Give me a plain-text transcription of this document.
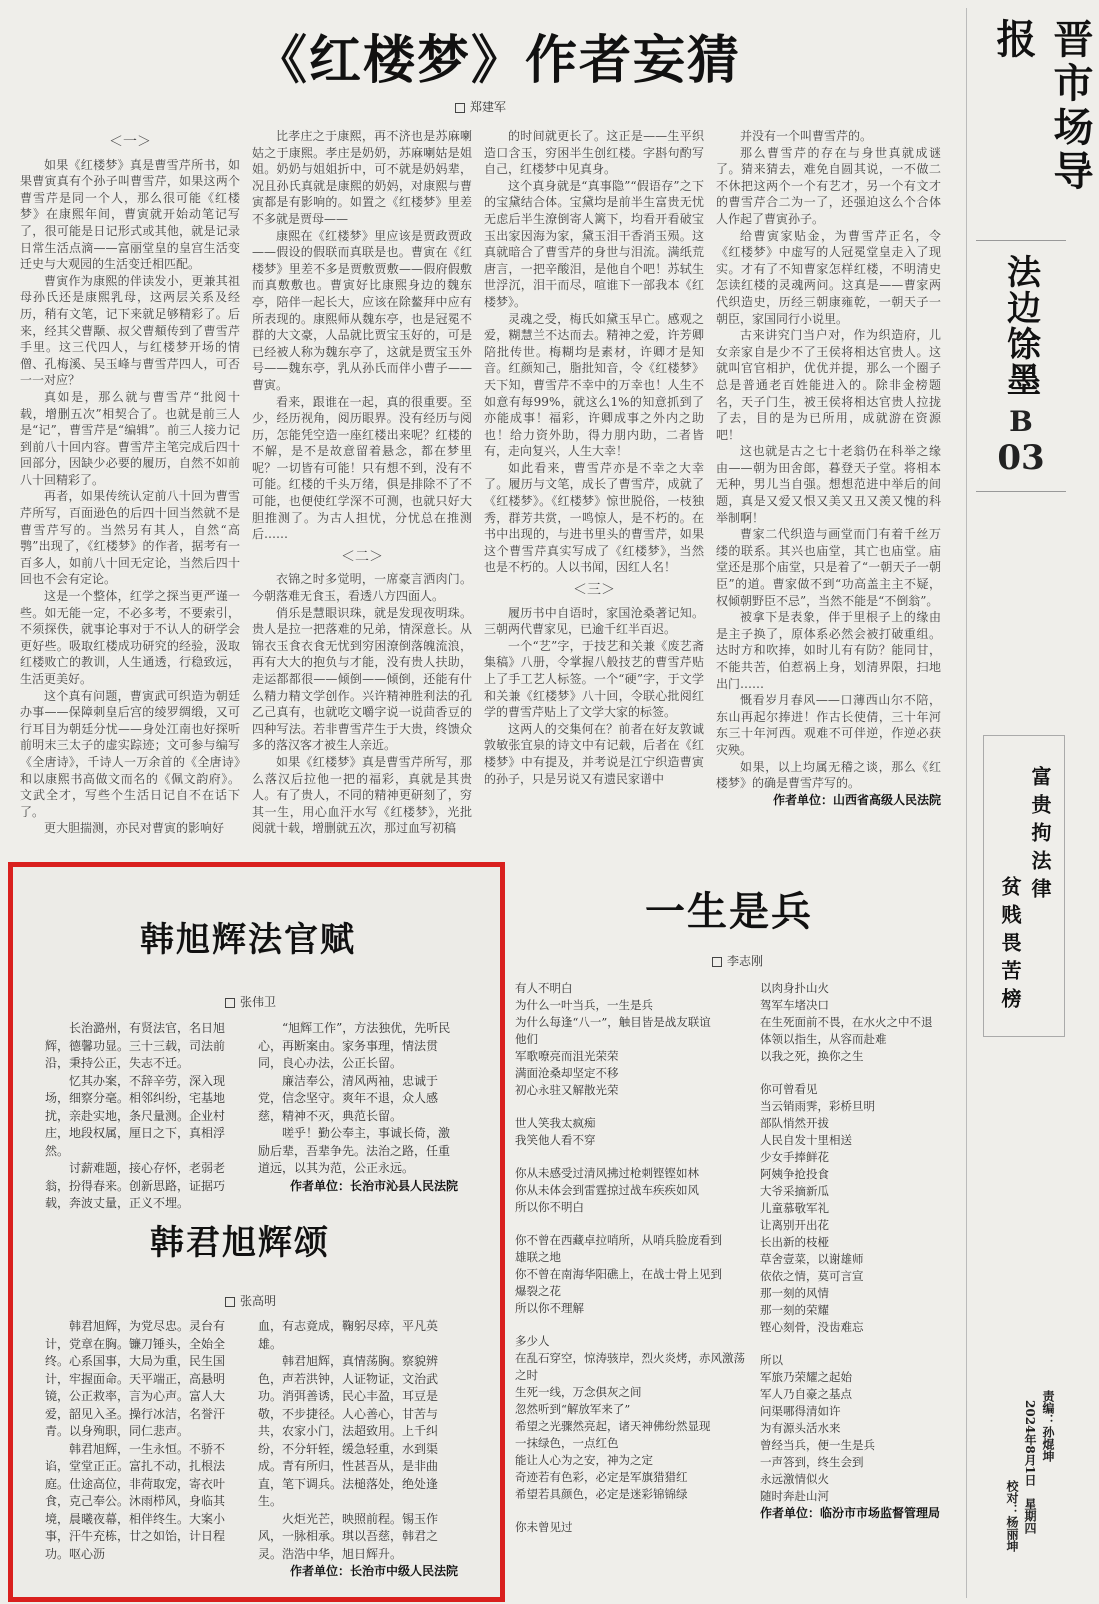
晋市场导报
法边馀墨
B
03
富贵拘法律
贫贱畏苦榜
责编：孙焜坤
2024年8月1日　星期四
校对：杨丽坤
《红楼梦》作者妄猜
郑建军
＜一＞

如果《红楼梦》真是曹雪芹所书，如果曹寅真有个孙子叫曹雪芹，如果这两个曹雪芹是同一个人，那么很可能《红楼梦》在康熙年间，曹寅就开始动笔记写了，很可能是日记形式或其他，就是记录日常生活点滴——富丽堂皇的皇宫生活变迁史与大观园的生活变迁相匹配。

曹寅作为康熙的伴读发小，更兼其祖母孙氏还是康熙乳母，这两层关系及经历，稍有文笔，记下来就足够精彩了。后来，经其父曹颙、叔父曹頫传到了曹雪芹手里。这三代四人，与红楼梦开场的情僧、孔梅溪、吴玉峰与曹雪芹四人，可否一一对应？

真如是，那么就与曹雪芹“批阅十载，增删五次”相契合了。也就是前三人是“记”，曹雪芹是“编辑”。前三人接力记到前八十回内容。曹雪芹主笔完成后四十回部分，因缺少必要的履历，自然不如前八十回精彩了。

再者，如果传统认定前八十回为曹雪芹所写，百面逊色的后四十回当然就不是曹雪芹写的。当然另有其人，自然“高鹗”出现了，《红楼梦》的作者，据考有一百多人，如前八十回无定论，当然后四十回也不会有定论。

这是一个整体，红学之探当更严谨一些。如无能一定，不必多考，不要索引，不须探佚，就事论事对于不认人的研学会更好些。吸取红楼成功研究的经验，汲取红楼败亡的教训，人生通透，行稳致远，生活更美好。

这个真有问题，曹寅武可织造为朝廷办事——保障刺皇后宫的绫罗绸缎，又可行耳目为朝廷分忧——身处江南也好探听前明末三太子的虚实踪迹；文可参与编写《全唐诗》，千诗人一万余首的《全唐诗》和以康熙书高做文而名的《佩文韵府》。文武全才，写些个生活日记自不在话下了。

更大胆揣测，亦民对曹寅的影响好

比孝庄之于康熙，再不济也是苏麻喇姑之于康熙。孝庄是奶奶，苏麻喇姑是姐姐。奶奶与姐姐折中，可不就是奶妈辈，况且孙氏真就是康熙的奶妈，对康熙与曹寅都是有影响的。如置之《红楼梦》里差不多就是贾母——

康熙在《红楼梦》里应该是贾政贾政——假设的假联而真联是也。曹寅在《红楼梦》里差不多是贾敷贾敷——假府假敷而真敷敷也。曹寅好比康熙身边的魏东亭，陪伴一起长大，应该在除鳌拜中应有所表现的。康熙师从魏东亭，也是冠冕不群的大文豪，人品就比贾宝玉好的，可是已经被人称为魏东亭了，这就是贾宝玉外号——魏东亭，乳从孙氏而伴小曹子——曹寅。

看来，跟谁在一起，真的很重要。至少，经历视角，阅历眼界。没有经历与阅历，怎能凭空造一座红楼出来呢？红楼的不解，是不是故意留着悬念，都在梦里呢？一切皆有可能！只有想不到，没有不可能。红楼的千头万绪，俱是排除不了不可能，也便使红学深不可测，也就只好大胆推测了。为古人担忧，分忧总在推测后……

＜二＞

衣锦之时多觉明，一席豪言洒肉门。今朝落难无食玉，看透八方四面人。

俏乐是慧眼识珠，就是发现夜明珠。贵人是拉一把落难的兄弟，情深意长。从锦衣玉食衣食无忧到穷困潦倒落魄流浪，再有大大的抱负与才能，没有贵人扶助，走运都都很——倾倒——倾倒，还能有什么精力精文学创作。兴许精神胜利法的孔乙己真有，也就吃文嚼字说一说茴香豆的四种写法。若非曹雪芹生于大贵，终馈众多的落汉客才被生人亲近。

如果《红楼梦》真是曹雪芹所写，那么落汉后拉他一把的福彩，真就是其贵人。有了贵人，不同的精神更研刻了，穷其一生，用心血汗水写《红楼梦》，光批阅就十载，增删就五次，那过血写初稿

的时间就更长了。这正是——生平织造口含玉，穷困半生创红楼。字斟句酌写自己，红楼梦中见真身。

这个真身就是“真事隐”“假语存”之下的宝黛结合体。宝黛均是前半生富贵无忧无虑后半生潦倒寄人篱下，均看开看破宝玉出家因海为家，黛玉泪干香消玉殒。这真就暗合了曹雪芹的身世与泪流。满纸荒唐言，一把辛酸泪，是他自个吧！苏轼生世浮沉，泪干而尽，喧谁下一部我本《红楼梦》。

灵魂之受，梅氏如黛玉早亡。感观之爱，糊慧兰不达而去。精神之爱，许芳卿陪批传世。梅糊均是素材，许卿才是知音。红颜知己，脂批知音，令《红楼梦》天下知，曹雪芹不幸中的万幸也！人生不如意有每99%，就这么1%的知意抓到了亦能成事！福彩，许卿成事之外内之助也！给力资外助，得力朋内助，二者皆有，走向复兴，人生大幸！

如此看来，曹雪芹亦是不幸之大幸了。履历与文笔，成长了曹雪芹，成就了《红楼梦》。《红楼梦》惊世脱俗，一枝独秀，群芳共赏，一鸣惊人，是不朽的。在书中出现的，与进书里头的曹雪芹，如果这个曹雪芹真实写成了《红楼梦》，当然也是不朽的。人以书闻，因红人名！

＜三＞

履历书中自语时，家国沧桑著记知。三朝两代曹家见，已逾千红半百迟。

一个“艺”字，于技艺和关兼《废艺斋集稿》八册，令掌握八般技艺的曹雪芹贴上了手工艺人标签。一个“硬”字，于文学和关兼《红楼梦》八十回，令联心批阅红学的曹雪芹贴上了文学大家的标签。

这两人的交集何在？前者在好友敦诚敦敏张宜泉的诗文中有记载，后者在《红楼梦》中有提及，并考说是江宁织造曹寅的孙子，只是另说又有遗民家谱中

并没有一个叫曹雪芹的。

那么曹雪芹的存在与身世真就成谜了。猜来猜去，难免自圆其说，一不做二不休把这两个一个有艺才，另一个有文才的曹雪芹合二为一了，还强迫这么个合体人作起了曹寅孙子。

给曹寅家贴金，为曹雪芹正名，令《红楼梦》中虚写的人冠冕堂皇走入了现实。才有了不知曹家怎样红楼，不明清史怎读红楼的灵魂两问。这真是——曹家两代织造史，历经三朝康雍乾，一朝天子一朝臣，家国同行小说里。

古来讲究门当户对，作为织造府，儿女亲家自是少不了王侯将相达官贵人。这就叫官官相护，优优并提，那么一个圈子总是普通老百姓能进入的。除非金榜题名，天子门生，被王侯将相达官贵人拉拢了去，目的是为已所用，成就游在资源吧！

这也就是古之七十老翁仍在科举之缘由——朝为田舍郎，暮登天子堂。将相本无种，男儿当自强。想想范进中举后的间题，真是又爱又恨又美又丑又羡又愧的科举制啊！

曹家二代织造与画堂而门有着千丝万缕的联系。其兴也庙堂，其亡也庙堂。庙堂还是那个庙堂，只是着了“一朝天子一朝臣”的道。曹家做不到“功高盖主主不疑，权倾朝野臣不忌”，当然不能是“不倒翁”。

被拿下是表象，伴于里根子上的缘由是主子换了，原体系必然会被打破重组。达时方和吹捧，如时儿有有防？能同甘，不能共苦，伯惹祸上身，划清界限，扫地出门……

慨看岁月春风——口薄西山尔不陪，东山再起尔捧进！作古长使倩，三十年河东三十年河西。观难不可伴逆，作逆必获灾殃。

如果，以上均属无稽之谈，那么《红楼梦》的确是曹雪芹写的。

作者单位：山西省高级人民法院

韩旭辉法官赋
张伟卫

长治潞州，有贤法官，名日旭辉，德馨功显。三十三载，司法前沿，秉持公正，失志不迁。

忆其办案，不辞辛劳，深入现场，细察分毫。相邻纠纷，宅基地扰，亲赴实地，条尺量测。企业村庄，地段权属，厘日之下，真相浮然。

讨薪难题，接心存怀，老弱老翁，扮得春来。创新思路，证据巧载，奔波丈量，正义不埋。

“旭辉工作”，方法独优，先听民心，再断案由。家务事理，情法贯同，良心办法，公正长留。

廉洁奉公，清风两袖，忠诚于党，信念坚守。爽年不退，众人感慈，精神不灭，典范长留。

嗟乎！勤公奉主，事诚长倚，激励后辈，吾辈争先。法治之路，任重道远，以其为范，公正永远。

作者单位：长治市沁县人民法院

韩君旭辉颂
张高明

韩君旭辉，为党尽忠。灵台有计，党章在胸。镰刀锤头，全始全终。心系国事，大局为重，民生国计，牢握面命。天平端正，高悬明镜，公正救率，言为心声。富人大爱，韶见入圣。操行冰洁，名誉汗青。以身殉职，同仁悲声。

韩君旭辉，一生永恒。不骄不谄，堂堂正正。富扎不动，扎根法庭。仕途高位，非荷取宠，寄衣叶食，克己奉公。沐雨栉风，身临其境，晨曦夜幕，相伴终生。大案小事，汗牛充栋，廿之如饴，计日程功。呕心沥

血，有志竟成，鞠躬尽瘁，平凡英雄。

韩君旭辉，真情荡胸。察貌辨色，声若洪钟，人证物证，文治武功。消弭善诱，民心丰盈，耳豆是敬，不步捷径。人心善心，甘苦与共，农家小门，法超致用。上千纠纷，不分轩轾，缓急轻重，水到渠成。青有所归，性甚吾从，是非曲直，笔下调兵。法槌落处，绝处逢生。

火炬光芒，映照前程。锡玉作风，一脉相承。琪以吾慈，韩君之灵。浩浩中华，旭日辉升。

作者单位：长治市中级人民法院

一生是兵
李志刚
有人不明白
为什么一叶当兵，一生是兵
为什么每逢“八一”，触目皆是战友联谊
他们
军歌嘹亮而沮光荣荣
满面沧桑却坚定不移
初心永驻又解散光荣
世人笑我太疯痴
我笑他人看不穿
你从未感受过清风拂过枪刺铿铿如林
你从未体会到雷霆掠过战车疾疾如风
所以你不明白
你不曾在西藏卓拉哨所，从哨兵脸庞看到
雄联之地
你不曾在南海华阳礁上，在战士骨上见到
爆裂之花
所以你不理解
多少人
在乱石穿空，惊涛骇岸，烈火炎烤，赤风激荡之时
生死一线，万念俱灰之间
忽然听到“解放军来了”
希望之光骤然亮起，诸天神佛纷然显现
一抹绿色，一点红色
能让人心为之安，神为之定
奇迹若有色彩，必定是军旗猎猎红
希望若具颜色，必定是迷彩锦锦绿
你未曾见过
以肉身扑山火
驾军车堵决口
在生死面前不畏，在水火之中不退
体领以指生，从容而赴难
以我之死，换你之生
你可曾看见
当云销雨霁，彩桥旦明
部队悄然开拔
人民自发十里相送
少女手捧鲜花
阿姨争抢投食
大爷采摘新瓜
儿童慕敬军礼
让离别开出花
长出新的枝桠
草舍壹菜，以谢雄师
依依之情，莫可言宣
那一刻的风情
那一刻的荣耀
铿心刻骨，没齿难忘
所以
军旅乃荣耀之起始
军人乃自豪之基点
问渠哪得清如许
为有源头活水来
曾经当兵，便一生是兵
一声答到，终生会到
永远激情似火
随时奔赴山河
作者单位：临汾市市场监督管理局
